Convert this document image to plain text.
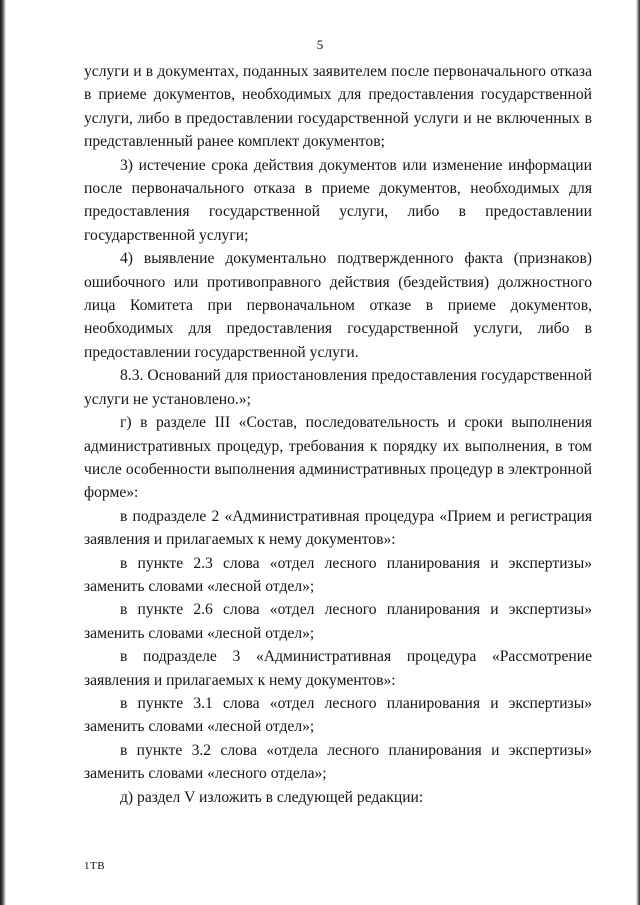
5

услуги и в документах, поданных заявителем после первоначального отказа в приеме документов, необходимых для предоставления государственной услуги, либо в предоставлении государственной услуги и не включенных в представленный ранее комплект документов;

3) истечение срока действия документов или изменение информации после первоначального отказа в приеме документов, необходимых для предоставления государственной услуги, либо в предоставлении государственной услуги;

4) выявление документально подтвержденного факта (признаков) ошибочного или противоправного действия (бездействия) должностного лица Комитета при первоначальном отказе в приеме документов, необходимых для предоставления государственной услуги, либо в предоставлении государственной услуги.

8.3. Оснований для приостановления предоставления государственной услуги не установлено.»;

г) в разделе III «Состав, последовательность и сроки выполнения административных процедур, требования к порядку их выполнения, в том числе особенности выполнения административных процедур в электронной форме»:

в подразделе 2 «Административная процедура «Прием и регистрация заявления и прилагаемых к нему документов»:

в пункте 2.3 слова «отдел лесного планирования и экспертизы» заменить словами «лесной отдел»;

в пункте 2.6 слова «отдел лесного планирования и экспертизы» заменить словами «лесной отдел»;

в подразделе 3 «Административная процедура «Рассмотрение заявления и прилагаемых к нему документов»:

в пункте 3.1 слова «отдел лесного планирования и экспертизы» заменить словами «лесной отдел»;

в пункте 3.2 слова «отдела лесного планирования и экспертизы» заменить словами «лесного отдела»;

д) раздел V изложить в следующей редакции:

1ТВ
